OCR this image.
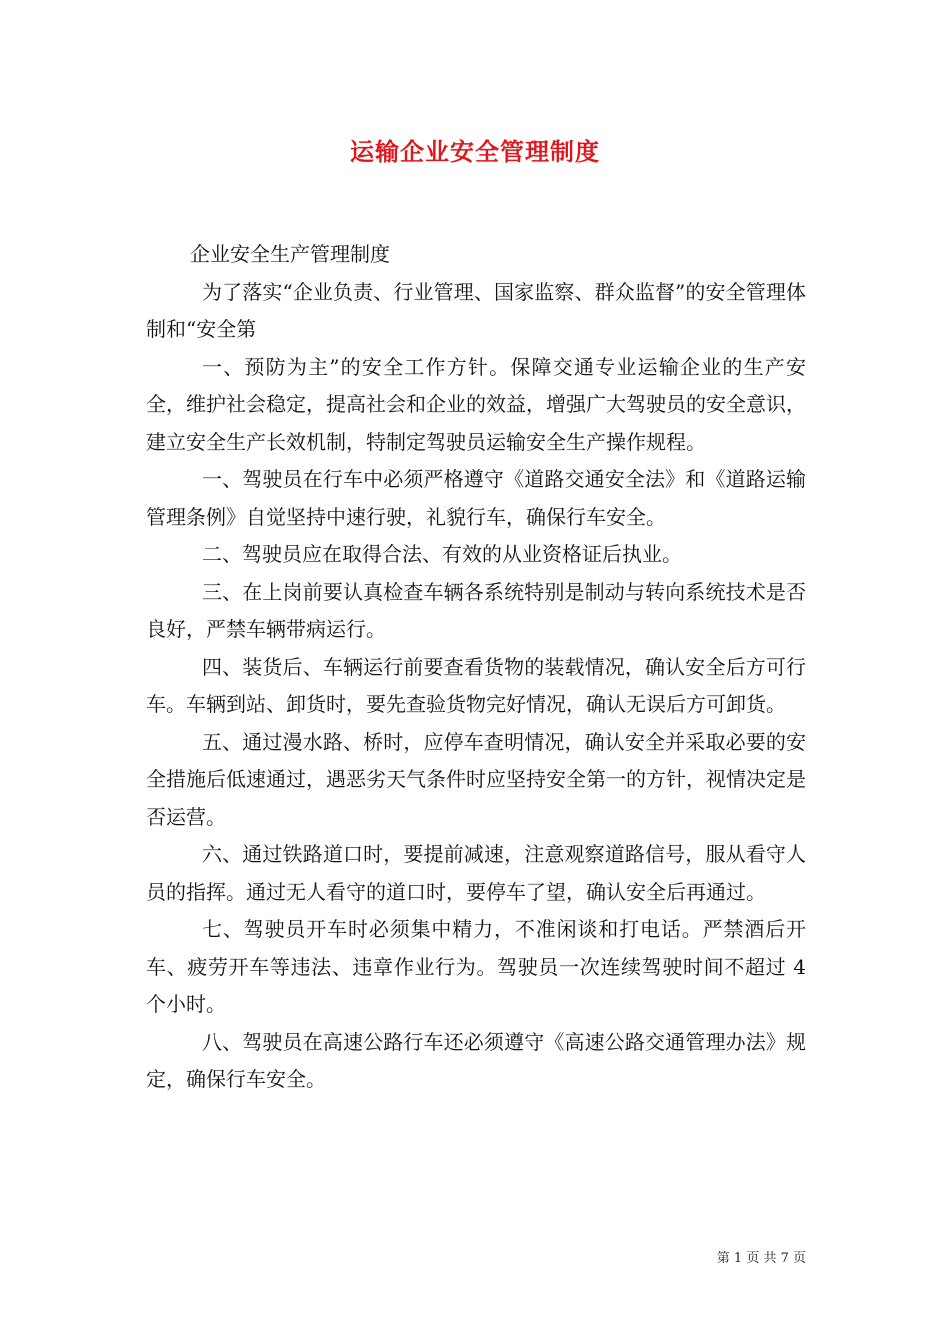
运输企业安全管理制度

企业安全生产管理制度

为了落实“企业负责、行业管理、国家监察、群众监督”的安全管理体制和“安全第

一、预防为主”的安全工作方针。保障交通专业运输企业的生产安全，维护社会稳定，提高社会和企业的效益，增强广大驾驶员的安全意识，建立安全生产长效机制，特制定驾驶员运输安全生产操作规程。

一、驾驶员在行车中必须严格遵守《道路交通安全法》和《道路运输管理条例》自觉坚持中速行驶，礼貌行车，确保行车安全。

二、驾驶员应在取得合法、有效的从业资格证后执业。

三、在上岗前要认真检查车辆各系统特别是制动与转向系统技术是否良好，严禁车辆带病运行。

四、装货后、车辆运行前要查看货物的装载情况，确认安全后方可行车。车辆到站、卸货时，要先查验货物完好情况，确认无误后方可卸货。

五、通过漫水路、桥时，应停车查明情况，确认安全并采取必要的安全措施后低速通过，遇恶劣天气条件时应坚持安全第一的方针，视情决定是否运营。

六、通过铁路道口时，要提前减速，注意观察道路信号，服从看守人员的指挥。通过无人看守的道口时，要停车了望，确认安全后再通过。

七、驾驶员开车时必须集中精力，不准闲谈和打电话。严禁酒后开车、疲劳开车等违法、违章作业行为。驾驶员一次连续驾驶时间不超过 4 个小时。

八、驾驶员在高速公路行车还必须遵守《高速公路交通管理办法》规定，确保行车安全。

第 1 页 共 7 页
